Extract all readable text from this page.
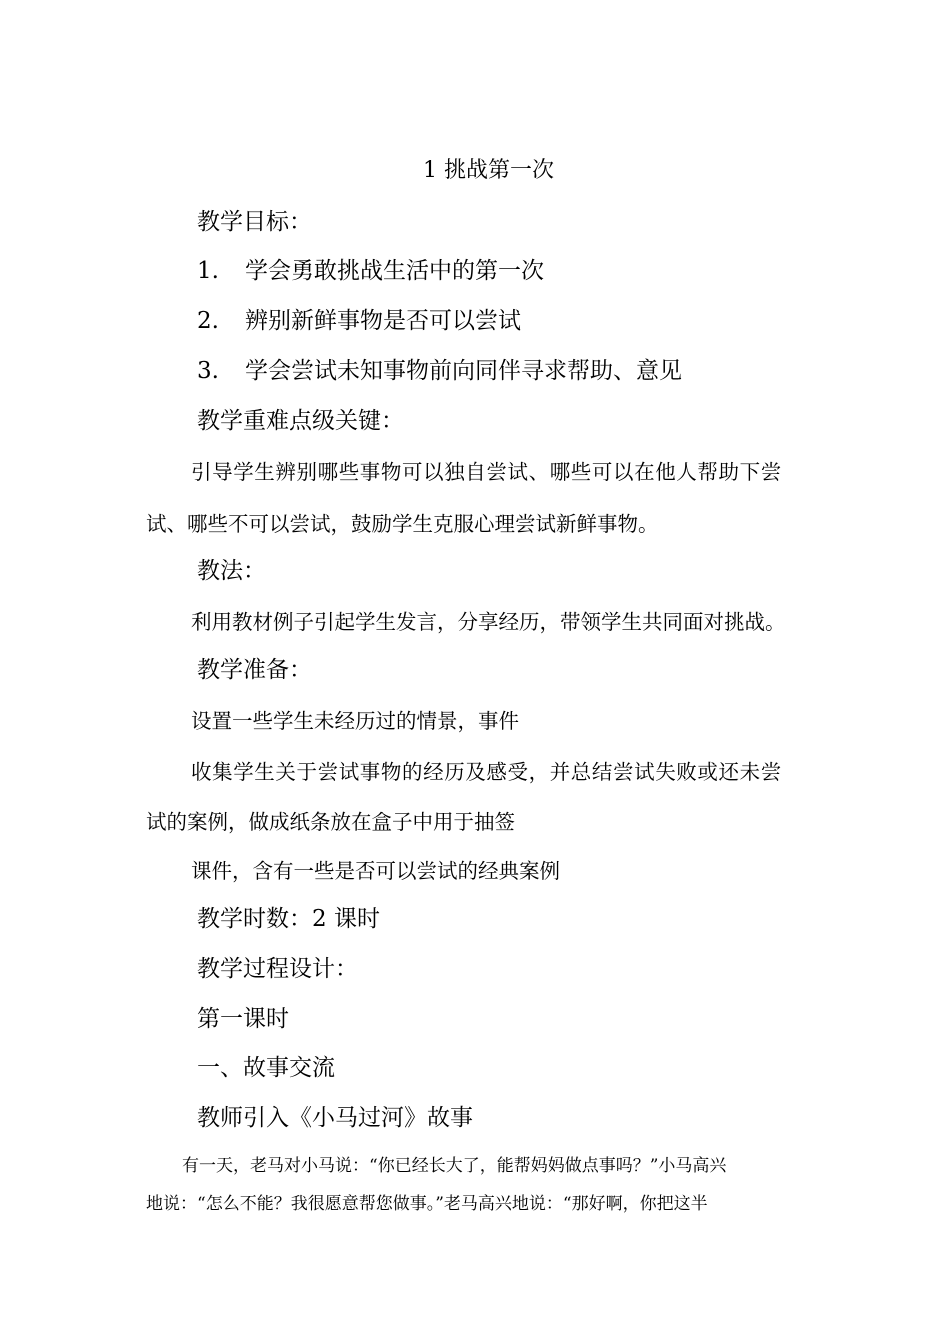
1 挑战第一次
教学目标：
1. 学会勇敢挑战生活中的第一次
2. 辨别新鲜事物是否可以尝试
3. 学会尝试未知事物前向同伴寻求帮助、意见
教学重难点级关键：
引导学生辨别哪些事物可以独自尝试、哪些可以在他人帮助下尝
试、哪些不可以尝试，鼓励学生克服心理尝试新鲜事物。
教法：
利用教材例子引起学生发言，分享经历，带领学生共同面对挑战。
教学准备：
设置一些学生未经历过的情景，事件
收集学生关于尝试事物的经历及感受，并总结尝试失败或还未尝
试的案例，做成纸条放在盒子中用于抽签
课件，含有一些是否可以尝试的经典案例
教学时数：2 课时
教学过程设计：
第一课时
一、故事交流
教师引入《小马过河》故事
有一天，老马对小马说：“你已经长大了，能帮妈妈做点事吗？”小马高兴
地说：“怎么不能？我很愿意帮您做事。”老马高兴地说：“那好啊，你把这半
